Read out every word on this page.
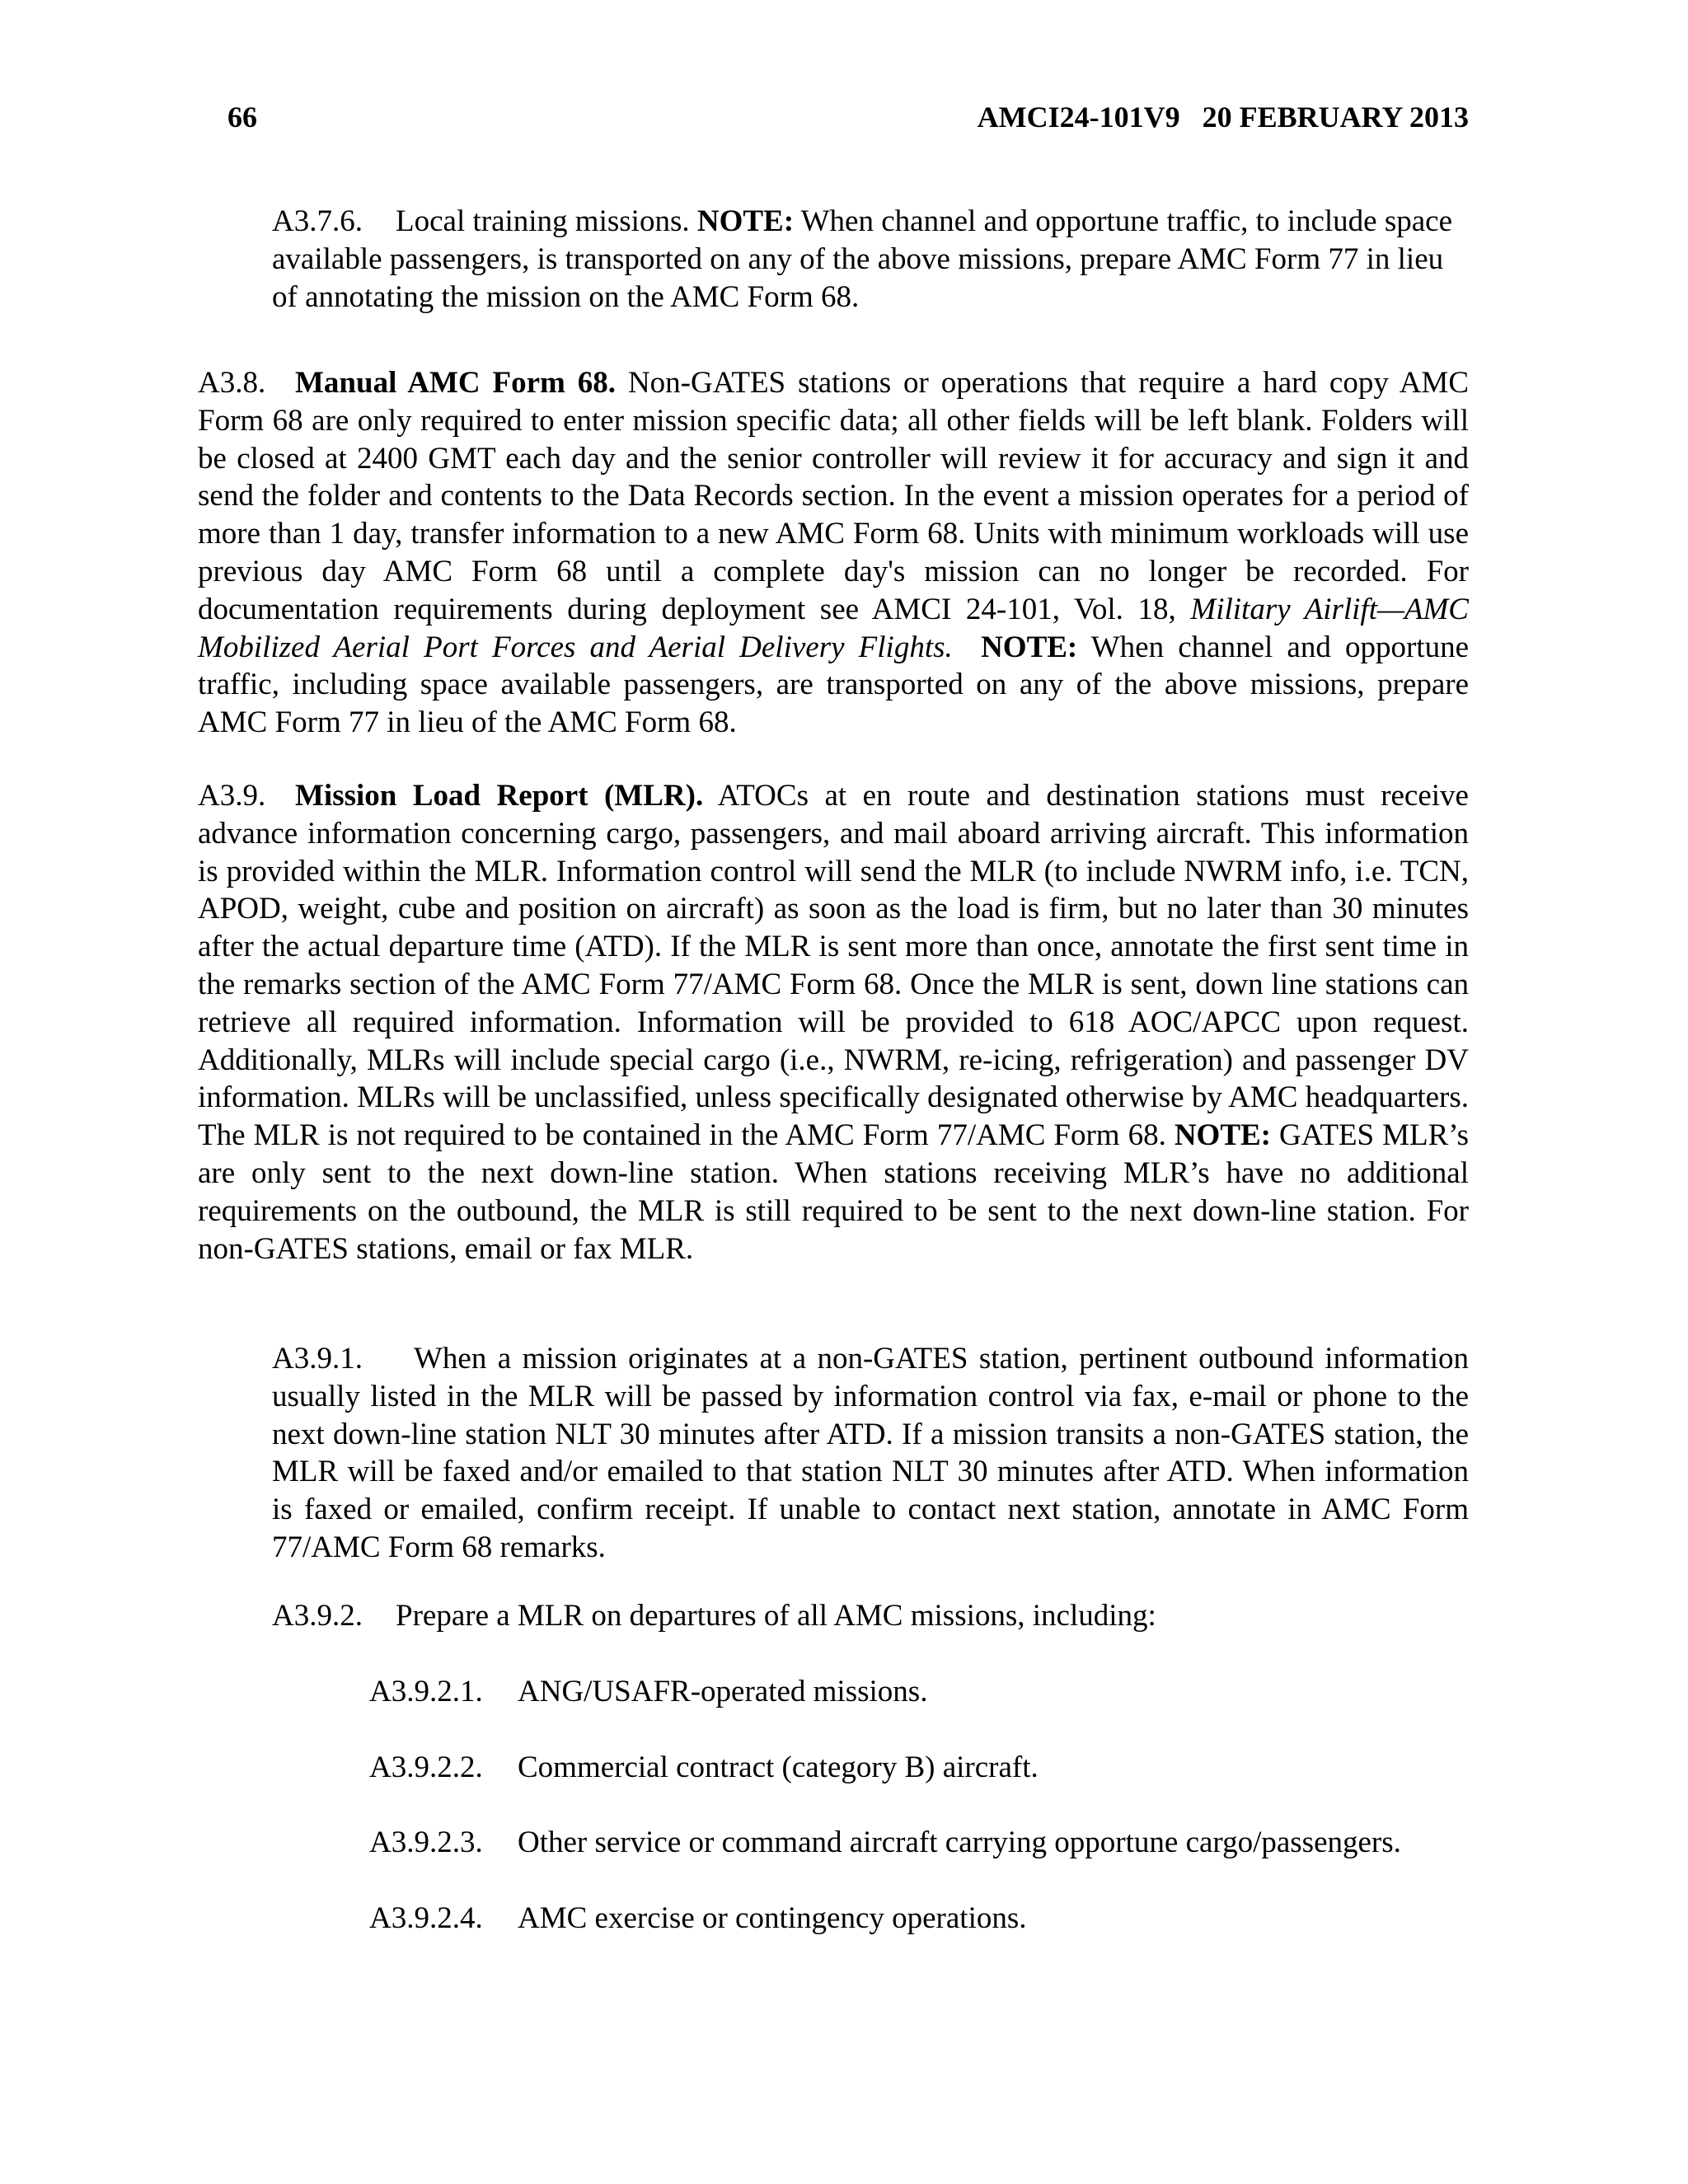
66	AMCI24-101V9   20 FEBRUARY 2013

A3.7.6. Local training missions. NOTE: When channel and opportune traffic, to include space available passengers, is transported on any of the above missions, prepare AMC Form 77 in lieu of annotating the mission on the AMC Form 68.

A3.8. Manual AMC Form 68. Non-GATES stations or operations that require a hard copy AMC Form 68 are only required to enter mission specific data; all other fields will be left blank. Folders will be closed at 2400 GMT each day and the senior controller will review it for accuracy and sign it and send the folder and contents to the Data Records section. In the event a mission operates for a period of more than 1 day, transfer information to a new AMC Form 68. Units with minimum workloads will use previous day AMC Form 68 until a complete day's mission can no longer be recorded. For documentation requirements during deployment see AMCI 24-101, Vol. 18, Military Airlift—AMC Mobilized Aerial Port Forces and Aerial Delivery Flights. NOTE: When channel and opportune traffic, including space available passengers, are transported on any of the above missions, prepare AMC Form 77 in lieu of the AMC Form 68.

A3.9. Mission Load Report (MLR). ATOCs at en route and destination stations must receive advance information concerning cargo, passengers, and mail aboard arriving aircraft. This information is provided within the MLR. Information control will send the MLR (to include NWRM info, i.e. TCN, APOD, weight, cube and position on aircraft) as soon as the load is firm, but no later than 30 minutes after the actual departure time (ATD). If the MLR is sent more than once, annotate the first sent time in the remarks section of the AMC Form 77/AMC Form 68. Once the MLR is sent, down line stations can retrieve all required information. Information will be provided to 618 AOC/APCC upon request. Additionally, MLRs will include special cargo (i.e., NWRM, re-icing, refrigeration) and passenger DV information. MLRs will be unclassified, unless specifically designated otherwise by AMC headquarters. The MLR is not required to be contained in the AMC Form 77/AMC Form 68. NOTE: GATES MLR’s are only sent to the next down-line station. When stations receiving MLR’s have no additional requirements on the outbound, the MLR is still required to be sent to the next down-line station. For non-GATES stations, email or fax MLR.

A3.9.1. When a mission originates at a non-GATES station, pertinent outbound information usually listed in the MLR will be passed by information control via fax, e-mail or phone to the next down-line station NLT 30 minutes after ATD. If a mission transits a non-GATES station, the MLR will be faxed and/or emailed to that station NLT 30 minutes after ATD. When information is faxed or emailed, confirm receipt. If unable to contact next station, annotate in AMC Form 77/AMC Form 68 remarks.

A3.9.2. Prepare a MLR on departures of all AMC missions, including:

A3.9.2.1. ANG/USAFR-operated missions.
A3.9.2.2. Commercial contract (category B) aircraft.
A3.9.2.3. Other service or command aircraft carrying opportune cargo/passengers.
A3.9.2.4. AMC exercise or contingency operations.
